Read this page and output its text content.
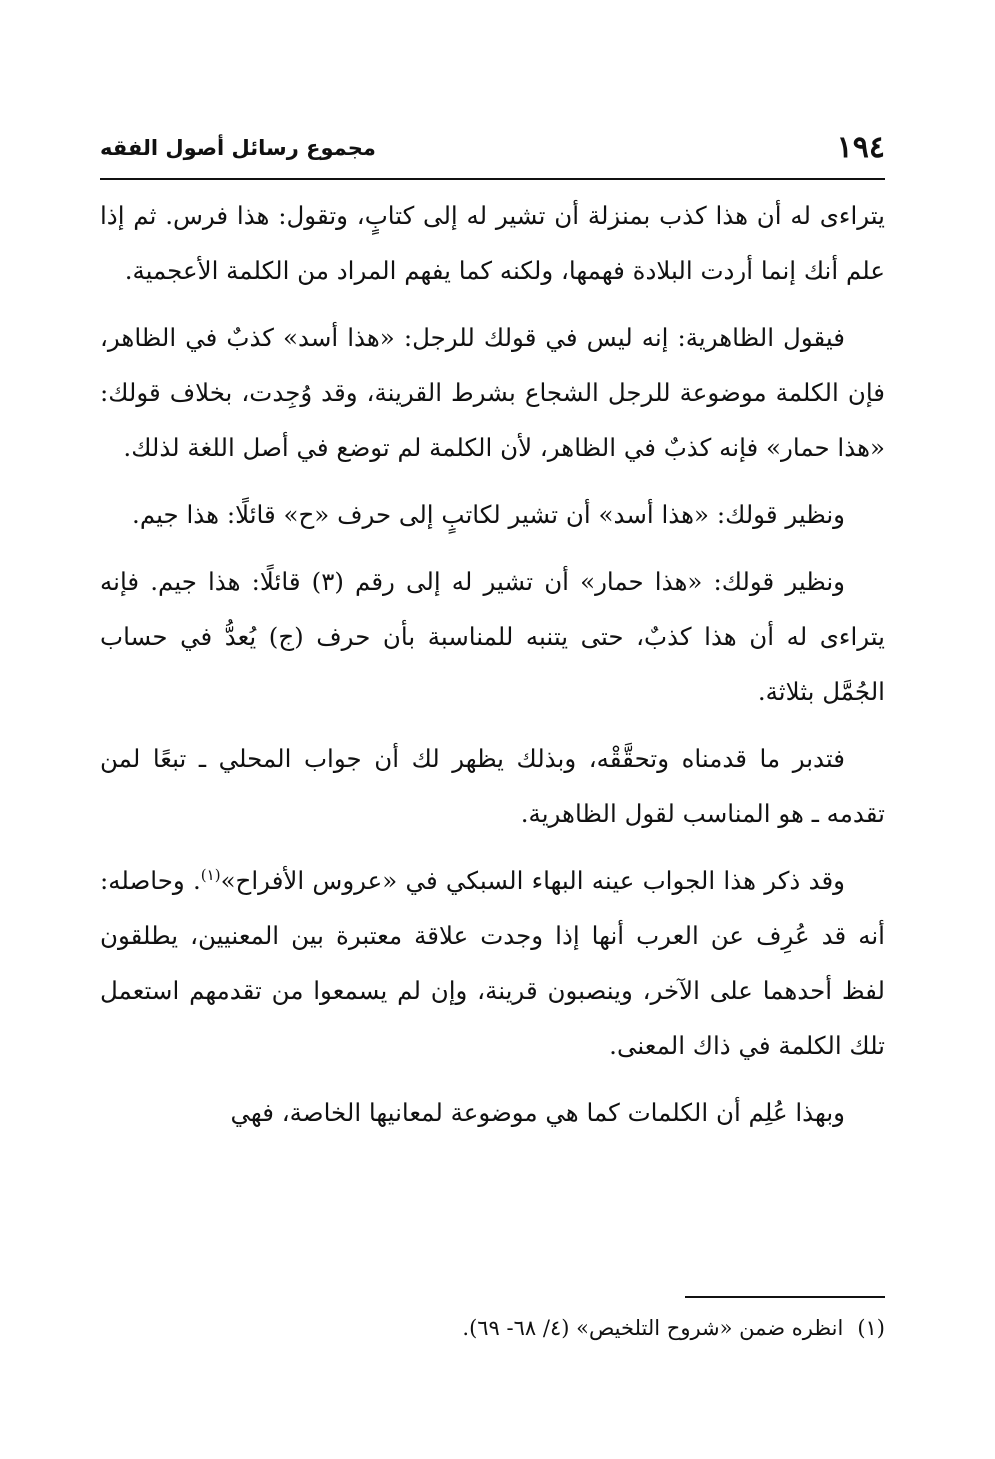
١٩٤
مجموع رسائل أصول الفقه

يتراءى له أن هذا كذب بمنزلة أن تشير له إلى كتابٍ، وتقول: هذا فرس. ثم إذا علم أنك إنما أردت البلادة فهمها، ولكنه كما يفهم المراد من الكلمة الأعجمية.

فيقول الظاهرية: إنه ليس في قولك للرجل: «هذا أسد» كذبٌ في الظاهر، فإن الكلمة موضوعة للرجل الشجاع بشرط القرينة، وقد وُجِدت، بخلاف قولك: «هذا حمار» فإنه كذبٌ في الظاهر، لأن الكلمة لم توضع في أصل اللغة لذلك.

ونظير قولك: «هذا أسد» أن تشير لكاتبٍ إلى حرف «ح» قائلًا: هذا جيم.

ونظير قولك: «هذا حمار» أن تشير له إلى رقم (٣) قائلًا: هذا جيم. فإنه يتراءى له أن هذا كذبٌ، حتى يتنبه للمناسبة بأن حرف (ج) يُعدُّ في حساب الجُمَّل بثلاثة.

فتدبر ما قدمناه وتحقَّقْه، وبذلك يظهر لك أن جواب المحلي ـ تبعًا لمن تقدمه ـ هو المناسب لقول الظاهرية.

وقد ذكر هذا الجواب عينه البهاء السبكي في «عروس الأفراح»$^{(١)}$. وحاصله: أنه قد عُرِف عن العرب أنها إذا وجدت علاقة معتبرة بين المعنيين، يطلقون لفظ أحدهما على الآخر، وينصبون قرينة، وإن لم يسمعوا من تقدمهم استعمل تلك الكلمة في ذاك المعنى.

وبهذا عُلِم أن الكلمات كما هي موضوعة لمعانيها الخاصة، فهي

(١)انظره ضمن «شروح التلخيص» (٤/ ٦٨- ٦٩).
